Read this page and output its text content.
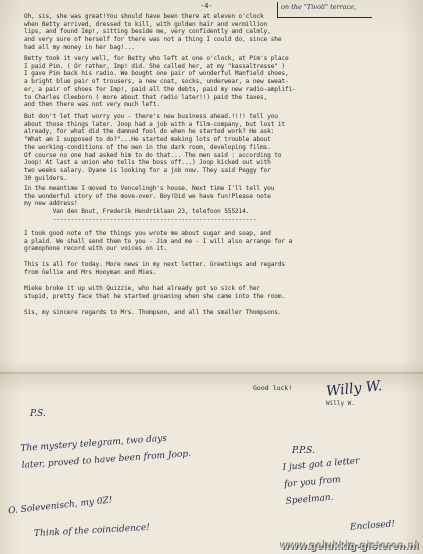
-4-	on the "Tivoli" terrace,
Oh, sis, she was great!You should have been there at eleven o'clock
when Betty arrived, dressed to kill, with golden hair and vermillion
lips, and found Imp!, sitting beside me, very confidently and calmly,
and very sure of herself for there was not a thing I could do, since she
had all my money in her bag!...
Betty took it very well, for Betty who left at one o'clock, at Pim's place
I paid Pim. ( Or rather, Imp! did. She called her, at my "kassaltresse" )
I gave Pim back his radio. We bought one pair of wonderful Manfield shoes,
a bright blue pair of trousers, a new coat, socks, underwear, a new sweat-
er, a pair of shoes for Imp!, paid all the debts, paid my new radio-amplifi-
to Charles Cleeborn ( more about that radio later!!) paid the taxes,
and then there was not very much left.
But don't let that worry you - there's new business ahead.!!!! tell you
about those things later. Joop had a job with a film-company, but lost it
already, for what did the damned fool do when he started work? He ask:
"What am I supposed to do?"...He started making lots of trouble about
the working-conditions of the men in the dark room, developing films.
Of course no one had asked him to do that... The men said : according to
Joop! At last a union who tells the boss off...) Joop kicked out with
two weeks salary. Dyane is looking for a job now. They said Peggy for
30 guilders.
In the meantime I moved to Vencelingh's house. Next time I'll tell you
the wonderful story of the move-over. Boy!Did we have fun!Please note
my new address!
Van den Bout, Frederik Hendriklaan 23, telefoon 555214.
---------------------------------------------------------
I took good note of the things you wrote me about sugar and soap, and
a plaid. We shall send them to you - Jim and me - I will also arrange for a
gramophone record with our voices on it.
This is all for today. More news in my next letter. Greetings and regards
from Gellie and Mrs Hooyman and Mies.
Mieke broke it up with Quizzie, who had already got so sick of her
stupid, pretty face that he started groaning when she came into the room.
Sis, my sincere regards to Mrs. Thompson, and all the smaller Thompsons.
Good luck! Willy W.
Willy W.
P.S.
The mystery telegram, two days
later, proved to have been from Joop.
O. Solevenisch, my 0Z!
Think of the coincidence!
P.P.S.
I just got a letter
for you from
Speelman.
Enclosed!
www.gelukkig-gisteren.nl
